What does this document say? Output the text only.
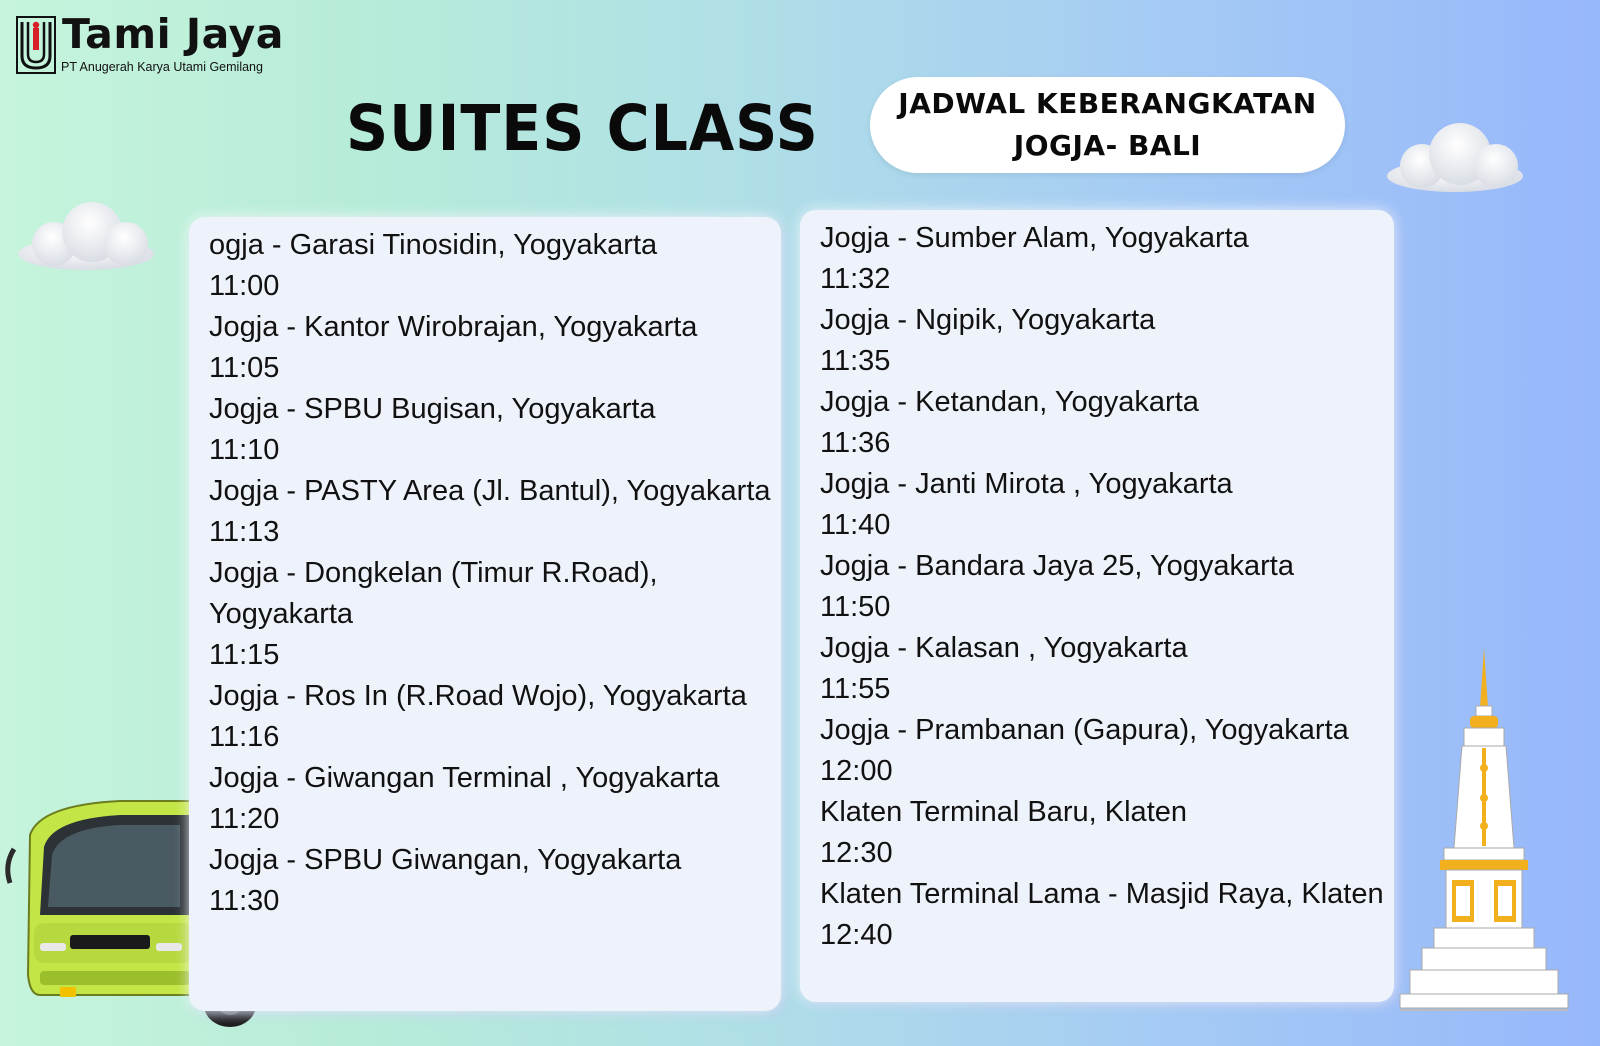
Tami Jaya
PT Anugerah Karya Utami Gemilang
SUITES CLASS	JADWAL KEBERANGKATAN
JOGJA- BALI
ogja - Garasi Tinosidin, Yogyakarta
11:00
Jogja - Kantor Wirobrajan, Yogyakarta
11:05
Jogja - SPBU Bugisan, Yogyakarta
11:10
Jogja - PASTY Area (Jl. Bantul), Yogyakarta
11:13
Jogja - Dongkelan (Timur R.Road), Yogyakarta
11:15
Jogja - Ros In (R.Road Wojo), Yogyakarta
11:16
Jogja - Giwangan Terminal , Yogyakarta
11:20
Jogja - SPBU Giwangan, Yogyakarta
11:30
Jogja - Sumber Alam, Yogyakarta
11:32
Jogja - Ngipik, Yogyakarta
11:35
Jogja - Ketandan, Yogyakarta
11:36
Jogja - Janti Mirota , Yogyakarta
11:40
Jogja - Bandara Jaya 25, Yogyakarta
11:50
Jogja - Kalasan , Yogyakarta
11:55
Jogja - Prambanan (Gapura), Yogyakarta
12:00
Klaten Terminal Baru, Klaten
12:30
Klaten Terminal Lama - Masjid Raya, Klaten
12:40
